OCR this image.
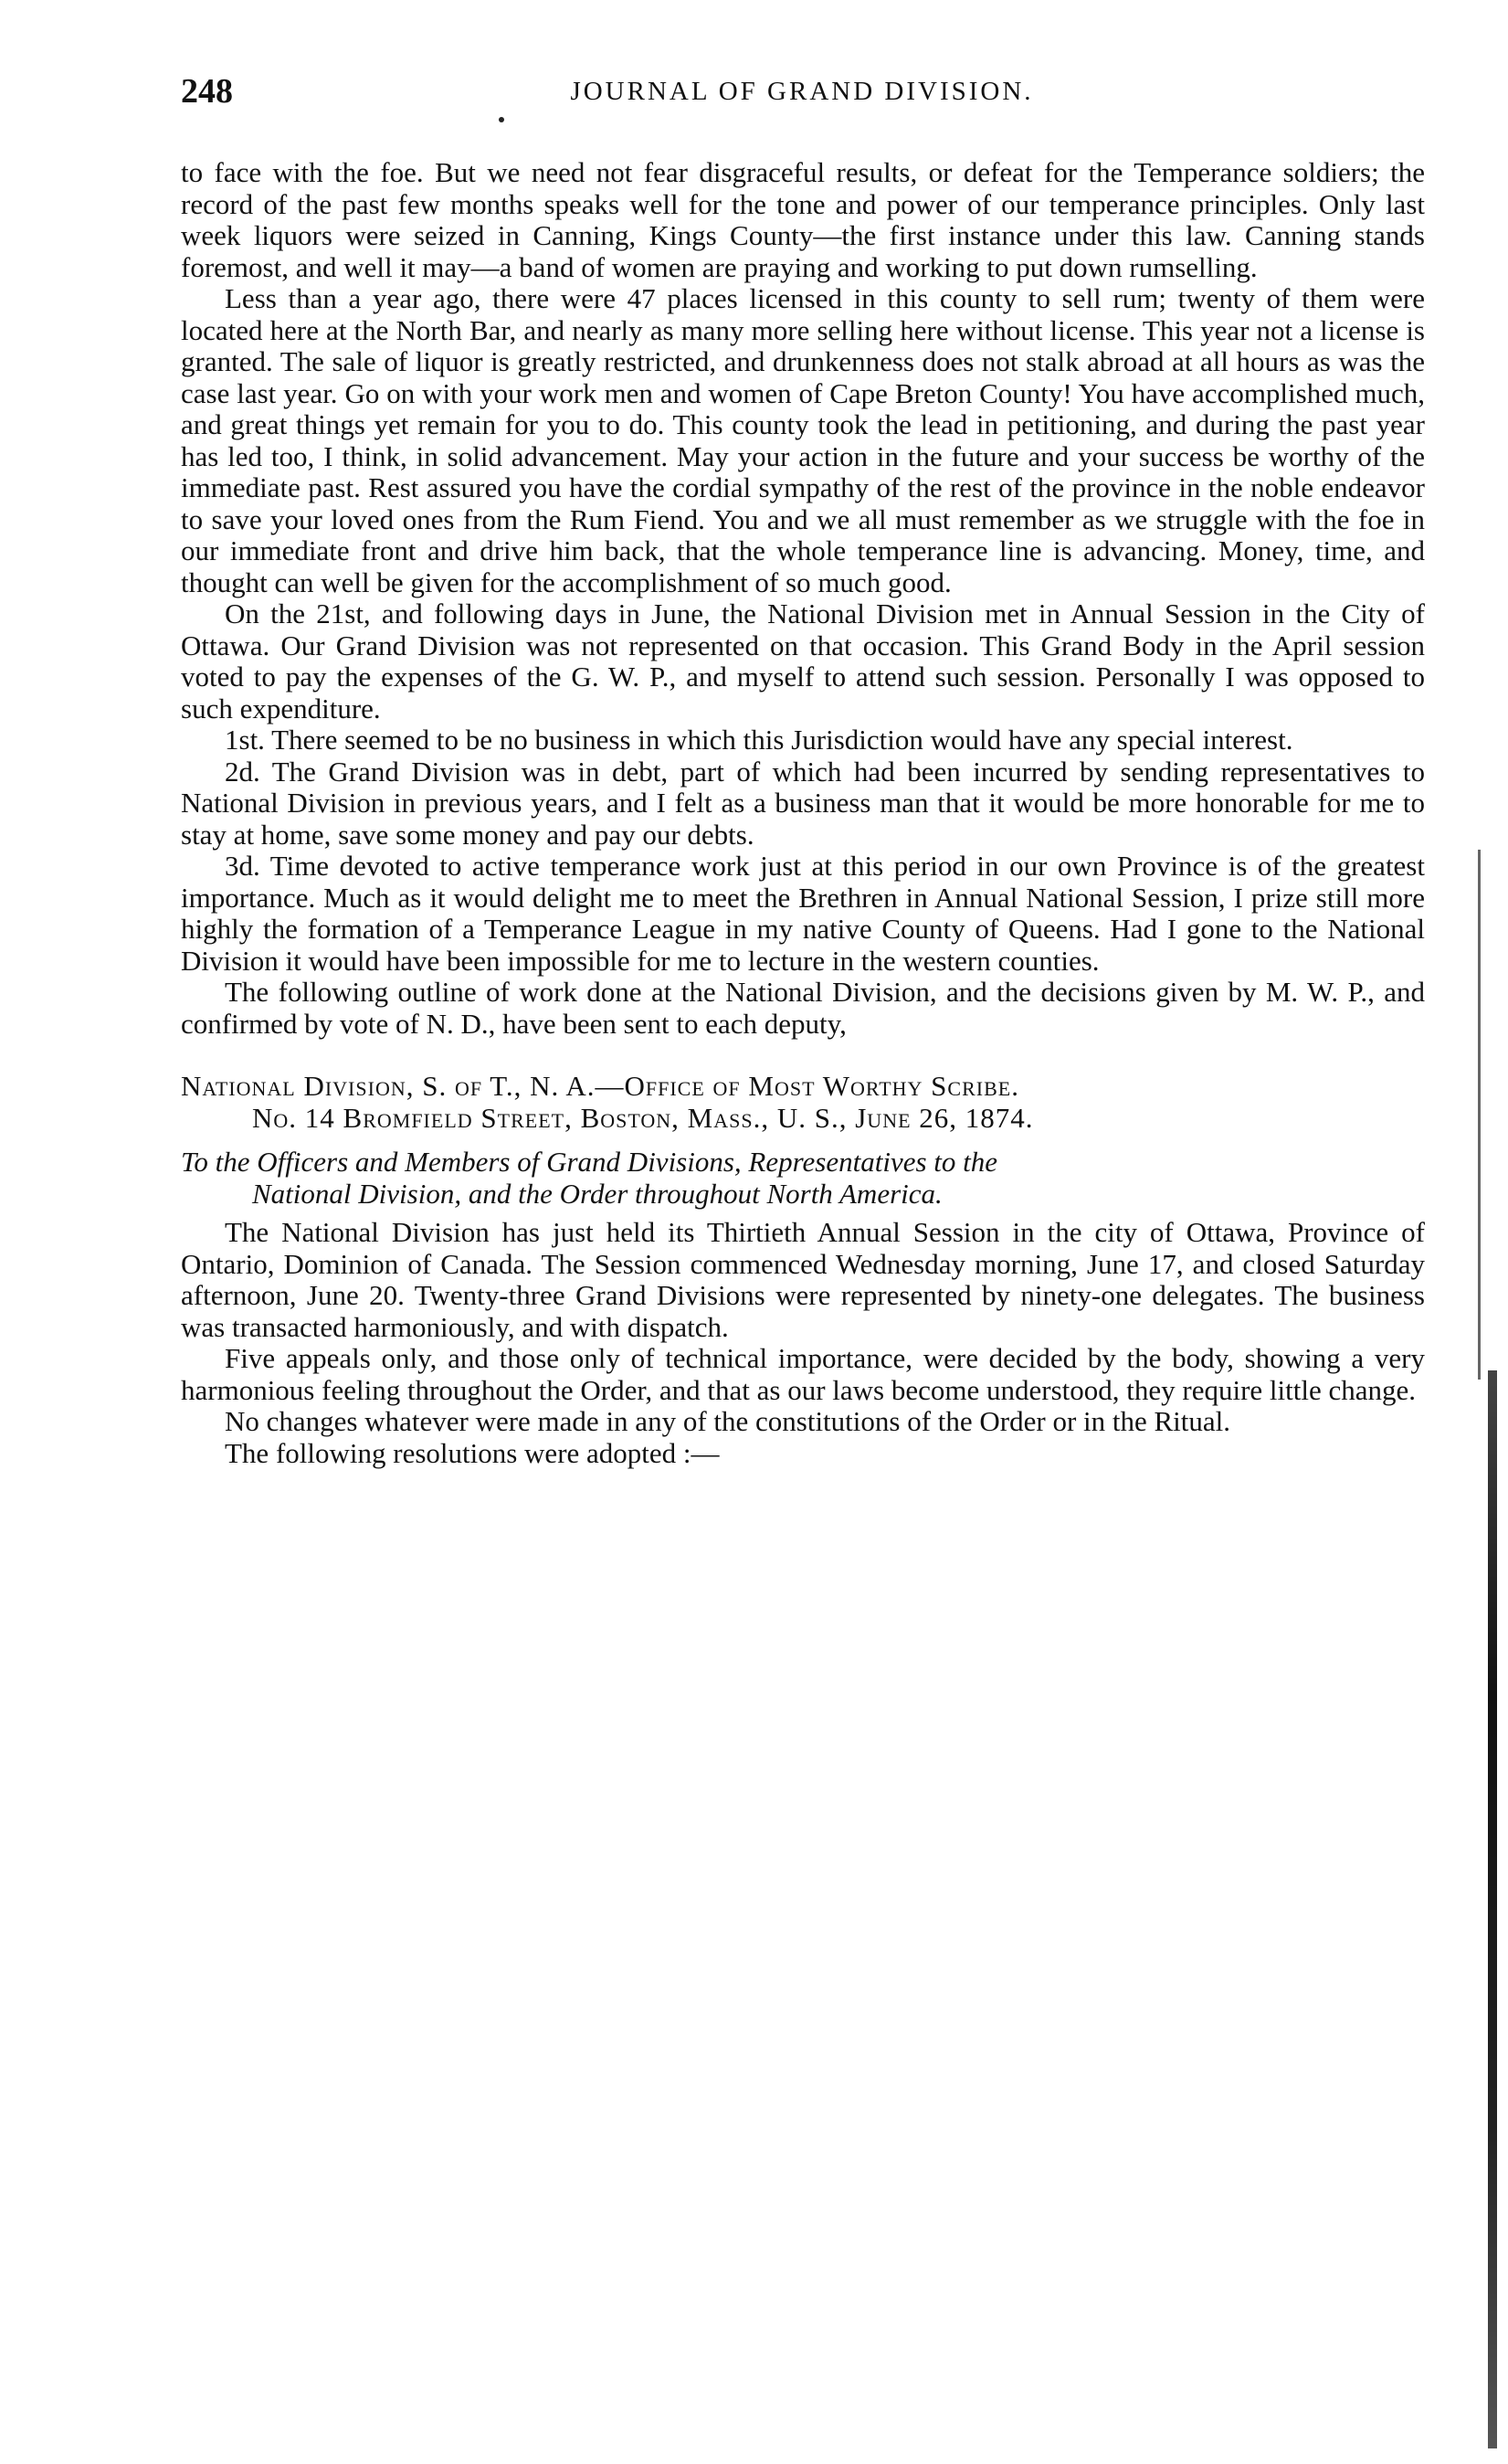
248	JOURNAL OF GRAND DIVISION.

to face with the foe. But we need not fear disgraceful results, or defeat for the Temperance soldiers; the record of the past few months speaks well for the tone and power of our temperance principles. Only last week liquors were seized in Canning, Kings County—the first instance under this law. Canning stands foremost, and well it may—a band of women are praying and working to put down rumselling.

Less than a year ago, there were 47 places licensed in this county to sell rum; twenty of them were located here at the North Bar, and nearly as many more selling here without license. This year not a license is granted. The sale of liquor is greatly restricted, and drunkenness does not stalk abroad at all hours as was the case last year. Go on with your work men and women of Cape Breton County! You have accomplished much, and great things yet remain for you to do. This county took the lead in petitioning, and during the past year has led too, I think, in solid advancement. May your action in the future and your success be worthy of the immediate past. Rest assured you have the cordial sympathy of the rest of the province in the noble endeavor to save your loved ones from the Rum Fiend. You and we all must remember as we struggle with the foe in our immediate front and drive him back, that the whole temperance line is advancing. Money, time, and thought can well be given for the accomplishment of so much good.

On the 21st, and following days in June, the National Division met in Annual Session in the City of Ottawa. Our Grand Division was not represented on that occasion. This Grand Body in the April session voted to pay the expenses of the G. W. P., and myself to attend such session. Personally I was opposed to such expenditure.

1st. There seemed to be no business in which this Jurisdiction would have any special interest.

2d. The Grand Division was in debt, part of which had been incurred by sending representatives to National Division in previous years, and I felt as a business man that it would be more honorable for me to stay at home, save some money and pay our debts.

3d. Time devoted to active temperance work just at this period in our own Province is of the greatest importance. Much as it would delight me to meet the Brethren in Annual National Session, I prize still more highly the formation of a Temperance League in my native County of Queens. Had I gone to the National Division it would have been impossible for me to lecture in the western counties.

The following outline of work done at the National Division, and the decisions given by M. W. P., and confirmed by vote of N. D., have been sent to each deputy,

National Division, S. of T., N. A.—Office of Most Worthy Scribe.
No. 14 Bromfield Street, Boston, Mass., U. S., June 26, 1874.

To the Officers and Members of Grand Divisions, Representatives to the
National Division, and the Order throughout North America.

The National Division has just held its Thirtieth Annual Session in the city of Ottawa, Province of Ontario, Dominion of Canada. The Session commenced Wednesday morning, June 17, and closed Saturday afternoon, June 20. Twenty-three Grand Divisions were represented by ninety-one delegates. The business was transacted harmoniously, and with dispatch.

Five appeals only, and those only of technical importance, were decided by the body, showing a very harmonious feeling throughout the Order, and that as our laws become understood, they require little change.

No changes whatever were made in any of the constitutions of the Order or in the Ritual.

The following resolutions were adopted :—
